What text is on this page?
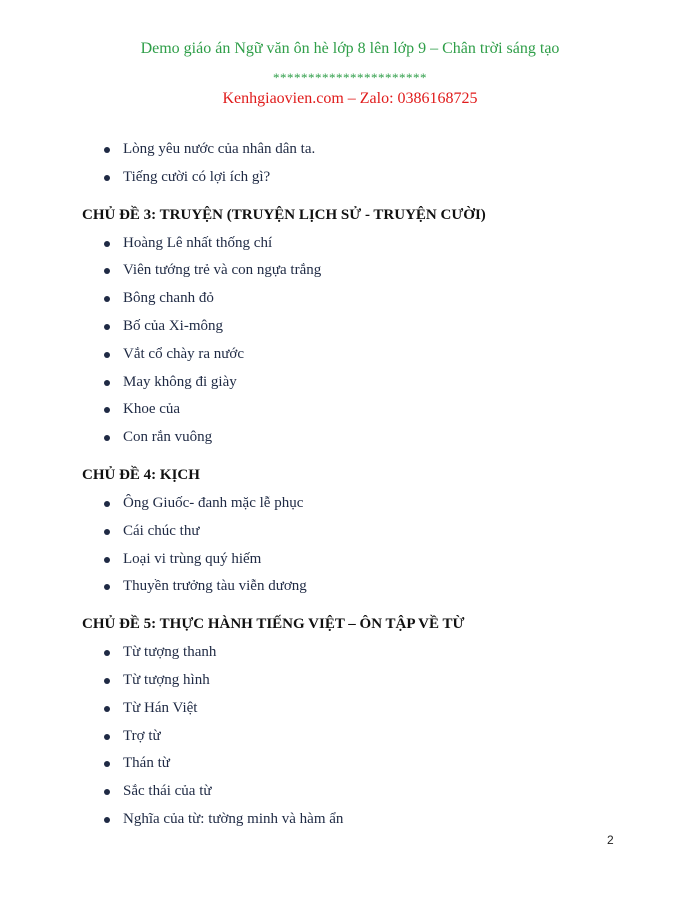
Demo giáo án Ngữ văn ôn hè lớp 8 lên lớp 9 – Chân trời sáng tạo
**********************
Kenhgiaovien.com – Zalo: 0386168725
Lòng yêu nước của nhân dân ta.
Tiếng cười có lợi ích gì?
CHỦ ĐỀ 3: TRUYỆN (TRUYỆN LỊCH SỬ - TRUYỆN CƯỜI)
Hoàng Lê nhất thống chí
Viên tướng trẻ và con ngựa trắng
Bông chanh đỏ
Bố của Xi-mông
Vắt cổ chày ra nước
May không đi giày
Khoe của
Con rắn vuông
CHỦ ĐỀ 4: KỊCH
Ông Giuốc- đanh mặc lễ phục
Cái chúc thư
Loại vi trùng quý hiếm
Thuyền trưởng tàu viễn dương
CHỦ ĐỀ 5: THỰC HÀNH TIẾNG VIỆT – ÔN TẬP VỀ TỪ
Từ tượng thanh
Từ tượng hình
Từ Hán Việt
Trợ từ
Thán từ
Sắc thái của từ
Nghĩa của từ: tường minh và hàm ẩn
2
